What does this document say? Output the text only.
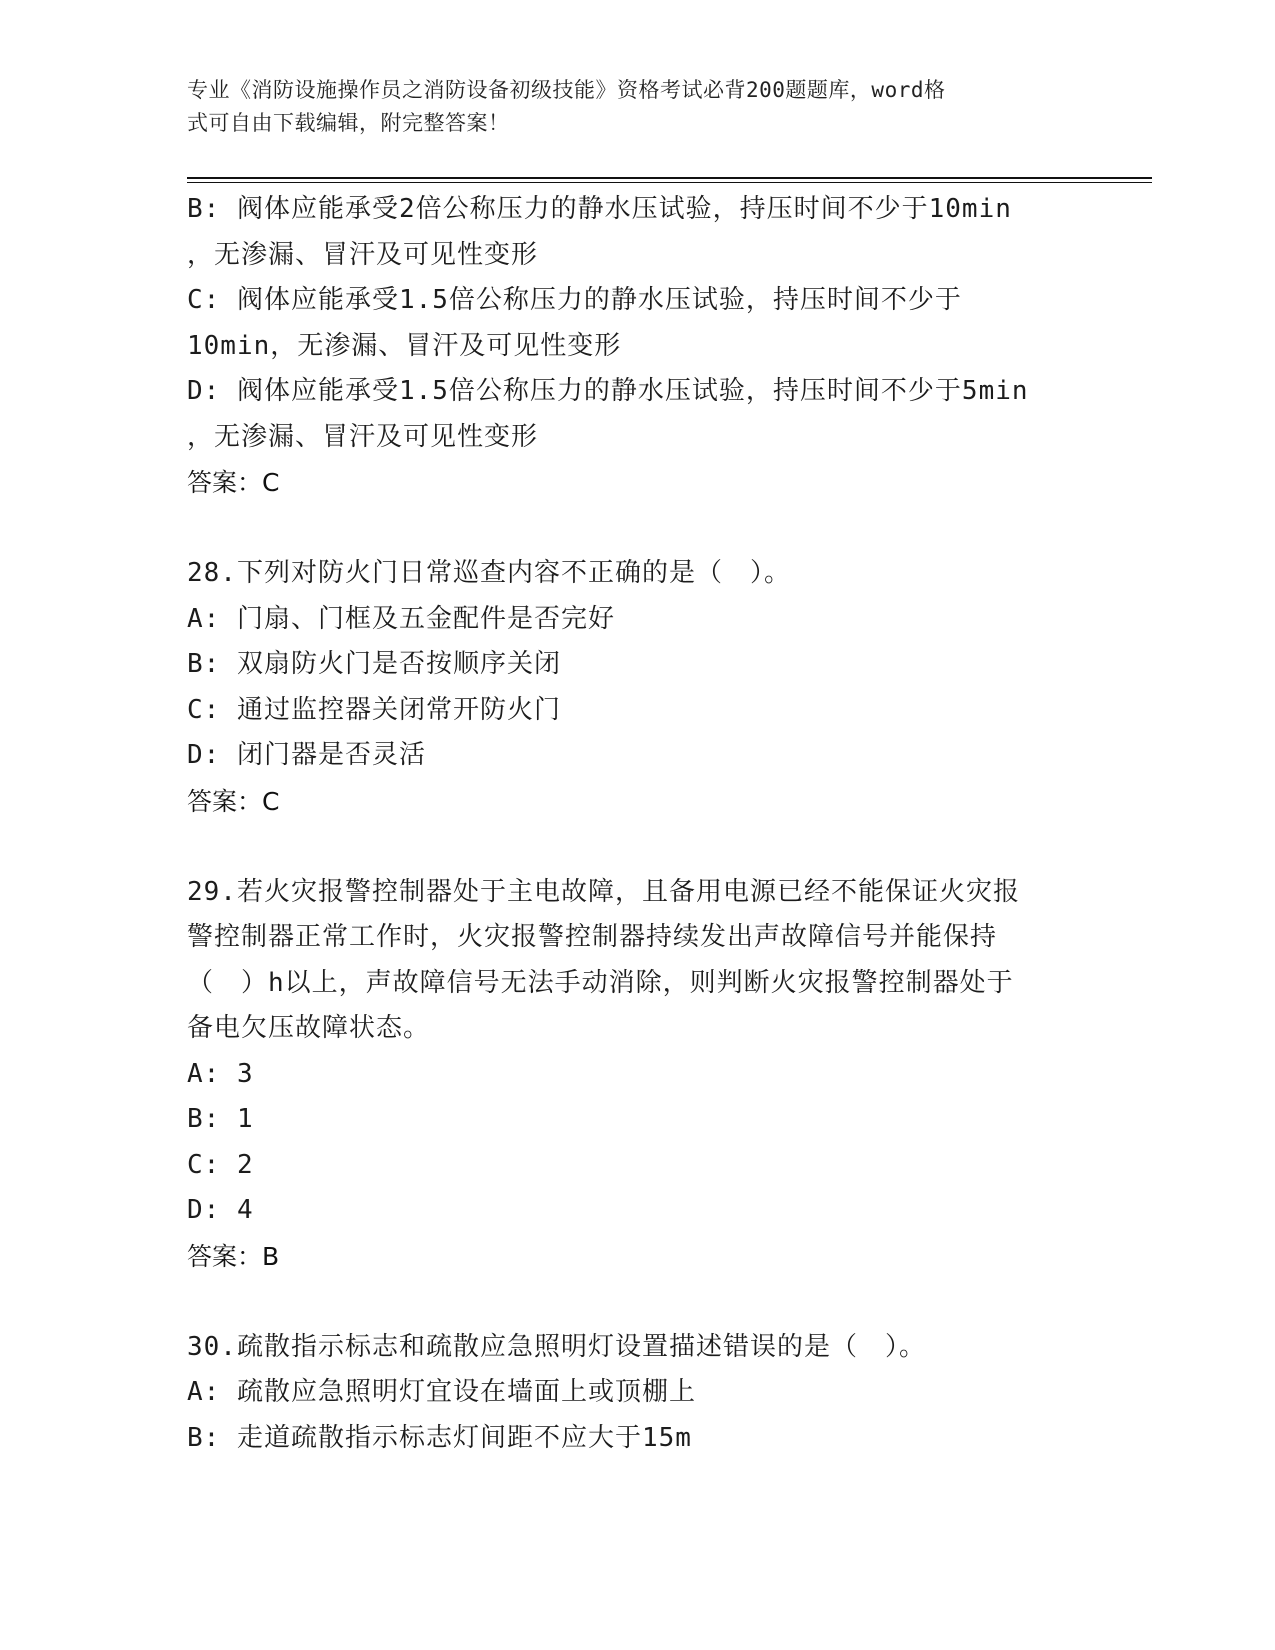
专业《消防设施操作员之消防设备初级技能》资格考试必背200题题库，word格
式可自由下载编辑，附完整答案！
B: 阀体应能承受2倍公称压力的静水压试验，持压时间不少于10min
，无渗漏、冒汗及可见性变形
C: 阀体应能承受1.5倍公称压力的静水压试验，持压时间不少于
10min，无渗漏、冒汗及可见性变形
D: 阀体应能承受1.5倍公称压力的静水压试验，持压时间不少于5min
，无渗漏、冒汗及可见性变形
答案：C
28.下列对防火门日常巡查内容不正确的是（　）。
A: 门扇、门框及五金配件是否完好
B: 双扇防火门是否按顺序关闭
C: 通过监控器关闭常开防火门
D: 闭门器是否灵活
答案：C
29.若火灾报警控制器处于主电故障，且备用电源已经不能保证火灾报
警控制器正常工作时，火灾报警控制器持续发出声故障信号并能保持
（　）h以上，声故障信号无法手动消除，则判断火灾报警控制器处于
备电欠压故障状态。
A: 3
B: 1
C: 2
D: 4
答案：B
30.疏散指示标志和疏散应急照明灯设置描述错误的是（　）。
A: 疏散应急照明灯宜设在墙面上或顶棚上
B: 走道疏散指示标志灯间距不应大于15m
